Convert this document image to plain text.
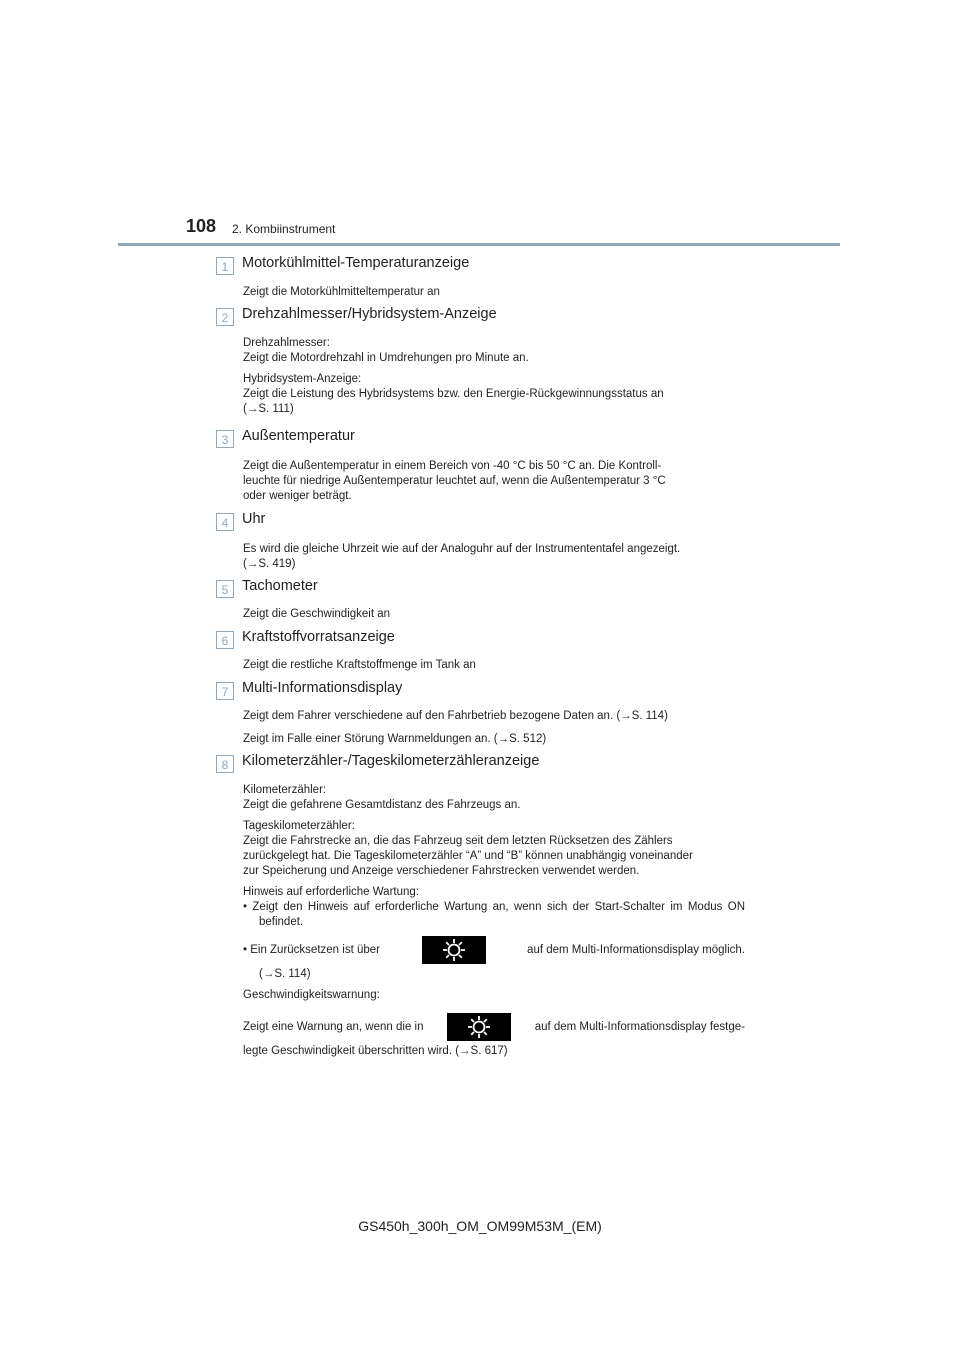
108 2. Kombiinstrument
1 Motorkühlmittel-Temperaturanzeige
Zeigt die Motorkühlmitteltemperatur an
2 Drehzahlmesser/Hybridsystem-Anzeige
Drehzahlmesser:
Zeigt die Motordrehzahl in Umdrehungen pro Minute an.
Hybridsystem-Anzeige:
Zeigt die Leistung des Hybridsystems bzw. den Energie-Rückgewinnungsstatus an
(→S. 111)
3 Außentemperatur
Zeigt die Außentemperatur in einem Bereich von -40 °C bis 50 °C an. Die Kontroll-
leuchte für niedrige Außentemperatur leuchtet auf, wenn die Außentemperatur 3 °C
oder weniger beträgt.
4 Uhr
Es wird die gleiche Uhrzeit wie auf der Analoguhr auf der Instrumententafel angezeigt.
(→S. 419)
5 Tachometer
Zeigt die Geschwindigkeit an
6 Kraftstoffvorratsanzeige
Zeigt die restliche Kraftstoffmenge im Tank an
7 Multi-Informationsdisplay
Zeigt dem Fahrer verschiedene auf den Fahrbetrieb bezogene Daten an. (→S. 114)
Zeigt im Falle einer Störung Warnmeldungen an. (→S. 512)
8 Kilometerzähler-/Tageskilometerzähleranzeige
Kilometerzähler:
Zeigt die gefahrene Gesamtdistanz des Fahrzeugs an.
Tageskilometerzähler:
Zeigt die Fahrstrecke an, die das Fahrzeug seit dem letzten Rücksetzen des Zählers
zurückgelegt hat. Die Tageskilometerzähler “A” und “B” können unabhängig voneinander
zur Speicherung und Anzeige verschiedener Fahrstrecken verwendet werden.
Hinweis auf erforderliche Wartung:
• Zeigt den Hinweis auf erforderliche Wartung an, wenn sich der Start-Schalter im Modus ON befindet.
• Ein Zurücksetzen ist über	auf dem Multi-Informationsdisplay möglich.
(→S. 114)
Geschwindigkeitswarnung:
Zeigt eine Warnung an, wenn die in	auf dem Multi-Informationsdisplay festge-
legte Geschwindigkeit überschritten wird. (→S. 617)
GS450h_300h_OM_OM99M53M_(EM)
